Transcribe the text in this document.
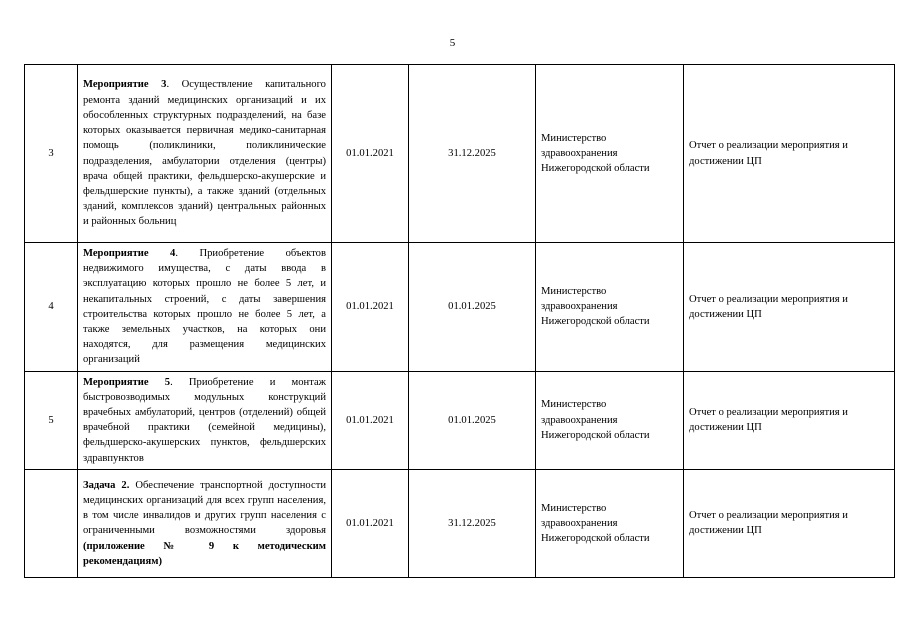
5
3	Мероприятие 3. Осуществление капитального ремонта зданий медицинских организаций и их обособленных структурных подразделений, на базе которых оказывается первичная медико-санитарная помощь (поликлиники, поликлинические подразделения, амбулатории отделения (центры) врача общей практики, фельдшерско-акушерские и фельдшерские пункты), а также зданий (отдельных зданий, комплексов зданий) центральных районных и районных больниц	01.01.2021	31.12.2025	Министерство здравоохранения Нижегородской области	Отчет о реализации мероприятия и достижении ЦП
4	Мероприятие 4. Приобретение объектов недвижимого имущества, с даты ввода в эксплуатацию которых прошло не более 5 лет, и некапитальных строений, с даты завершения строительства которых прошло не более 5 лет, а также земельных участков, на которых они находятся, для размещения медицинских организаций	01.01.2021	01.01.2025	Министерство здравоохранения Нижегородской области	Отчет о реализации мероприятия и достижении ЦП
5	Мероприятие 5. Приобретение и монтаж быстровозводимых модульных конструкций врачебных амбулаторий, центров (отделений) общей врачебной практики (семейной медицины), фельдшерско-акушерских пунктов, фельдшерских здравпунктов	01.01.2021	01.01.2025	Министерство здравоохранения Нижегородской области	Отчет о реализации мероприятия и достижении ЦП
	Задача 2. Обеспечение транспортной доступности медицинских организаций для всех групп населения, в том числе инвалидов и других групп населения с ограниченными возможностями здоровья (приложение № 9 к методическим рекомендациям)	01.01.2021	31.12.2025	Министерство здравоохранения Нижегородской области	Отчет о реализации мероприятия и достижении ЦП
